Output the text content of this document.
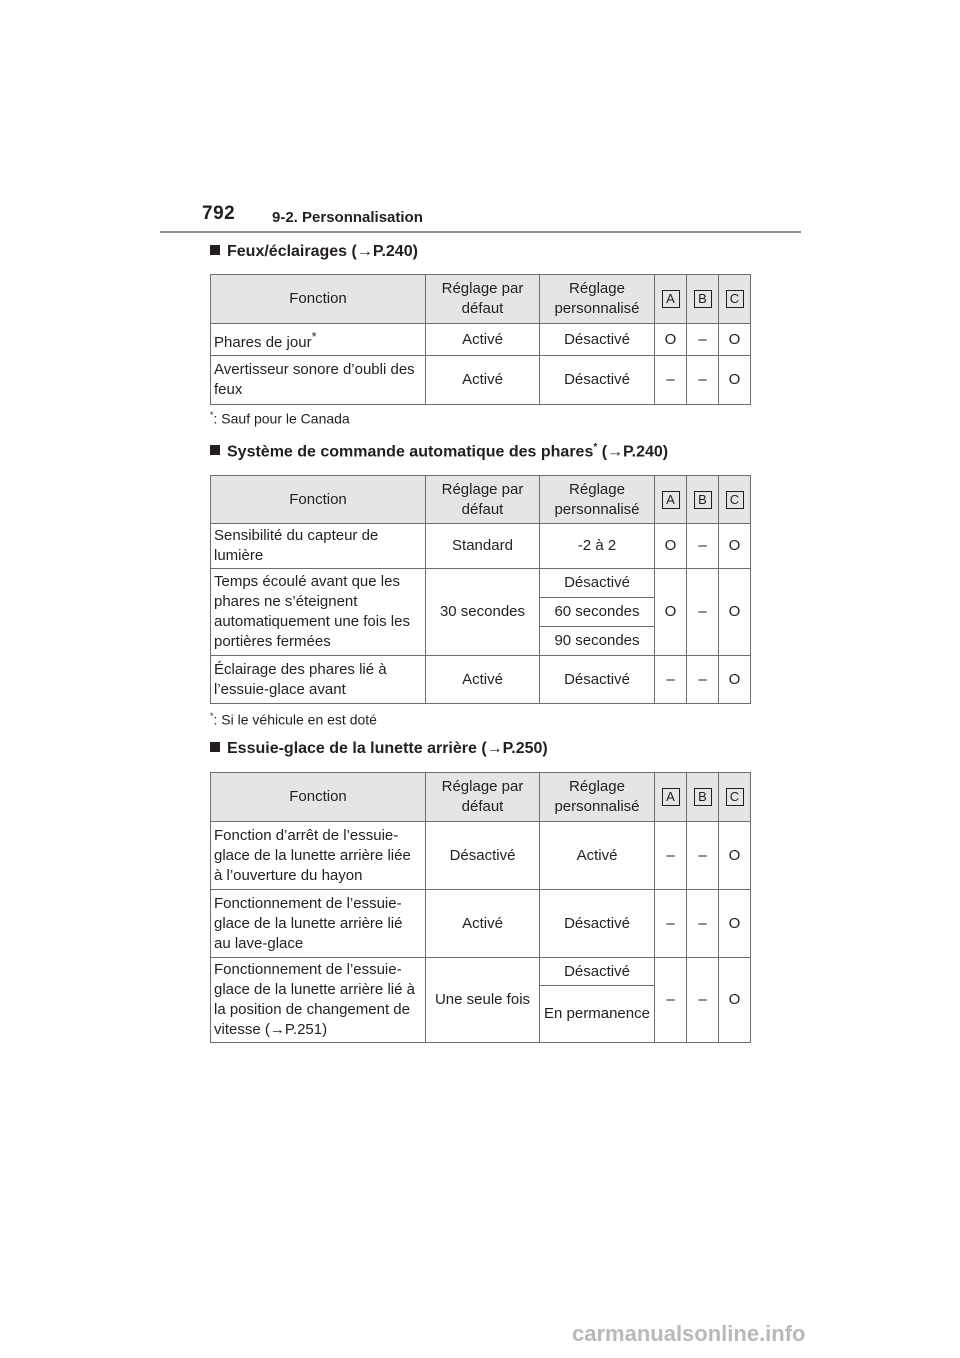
792 9-2. Personnalisation
Feux/éclairages (→P.240)
Fonction	Réglage par défaut	Réglage personnalisé	A	B	C
Phares de jour*	Activé	Désactivé	O	–	O
Avertisseur sonore d’oubli des feux	Activé	Désactivé	–	–	O
*: Sauf pour le Canada
Système de commande automatique des phares* (→P.240)
Fonction	Réglage par défaut	Réglage personnalisé	A	B	C
Sensibilité du capteur de lumière	Standard	-2 à 2	O	–	O
Temps écoulé avant que les phares ne s’éteignent automatiquement une fois les portières fermées	30 secondes	Désactivé	O	–	O
		60 secondes			
		90 secondes			
Éclairage des phares lié à l’essuie-glace avant	Activé	Désactivé	–	–	O
*: Si le véhicule en est doté
Essuie-glace de la lunette arrière (→P.250)
Fonction	Réglage par défaut	Réglage personnalisé	A	B	C
Fonction d’arrêt de l’essuie-glace de la lunette arrière liée à l’ouverture du hayon	Désactivé	Activé	–	–	O
Fonctionnement de l’essuie-glace de la lunette arrière lié au lave-glace	Activé	Désactivé	–	–	O
Fonctionnement de l’essuie-glace de la lunette arrière lié à la position de changement de vitesse (→P.251)	Une seule fois	Désactivé	–	–	O
		En permanence			
carmanualsonline.info
